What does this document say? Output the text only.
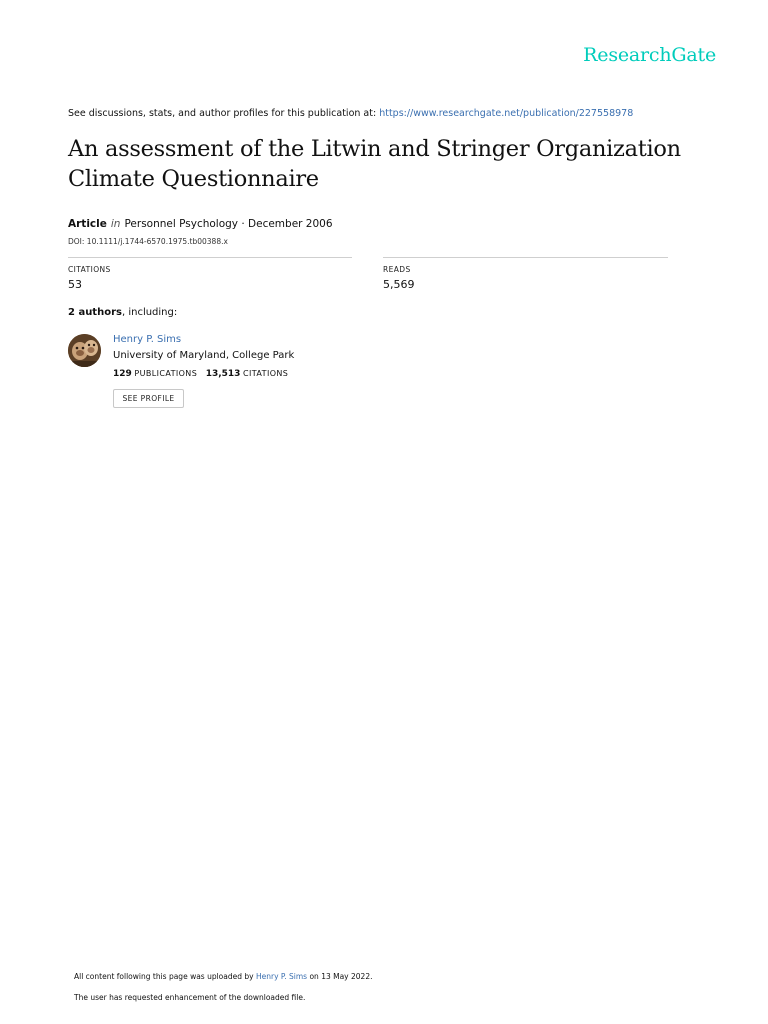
ResearchGate
See discussions, stats, and author profiles for this publication at: https://www.researchgate.net/publication/227558978
An assessment of the Litwin and Stringer Organization Climate Questionnaire
Article in Personnel Psychology · December 2006
DOI: 10.1111/j.1744-6570.1975.tb00388.x
CITATIONS
53
READS
5,569
2 authors, including:
Henry P. Sims
University of Maryland, College Park
129 PUBLICATIONS 13,513 CITATIONS
SEE PROFILE
All content following this page was uploaded by Henry P. Sims on 13 May 2022.
The user has requested enhancement of the downloaded file.
